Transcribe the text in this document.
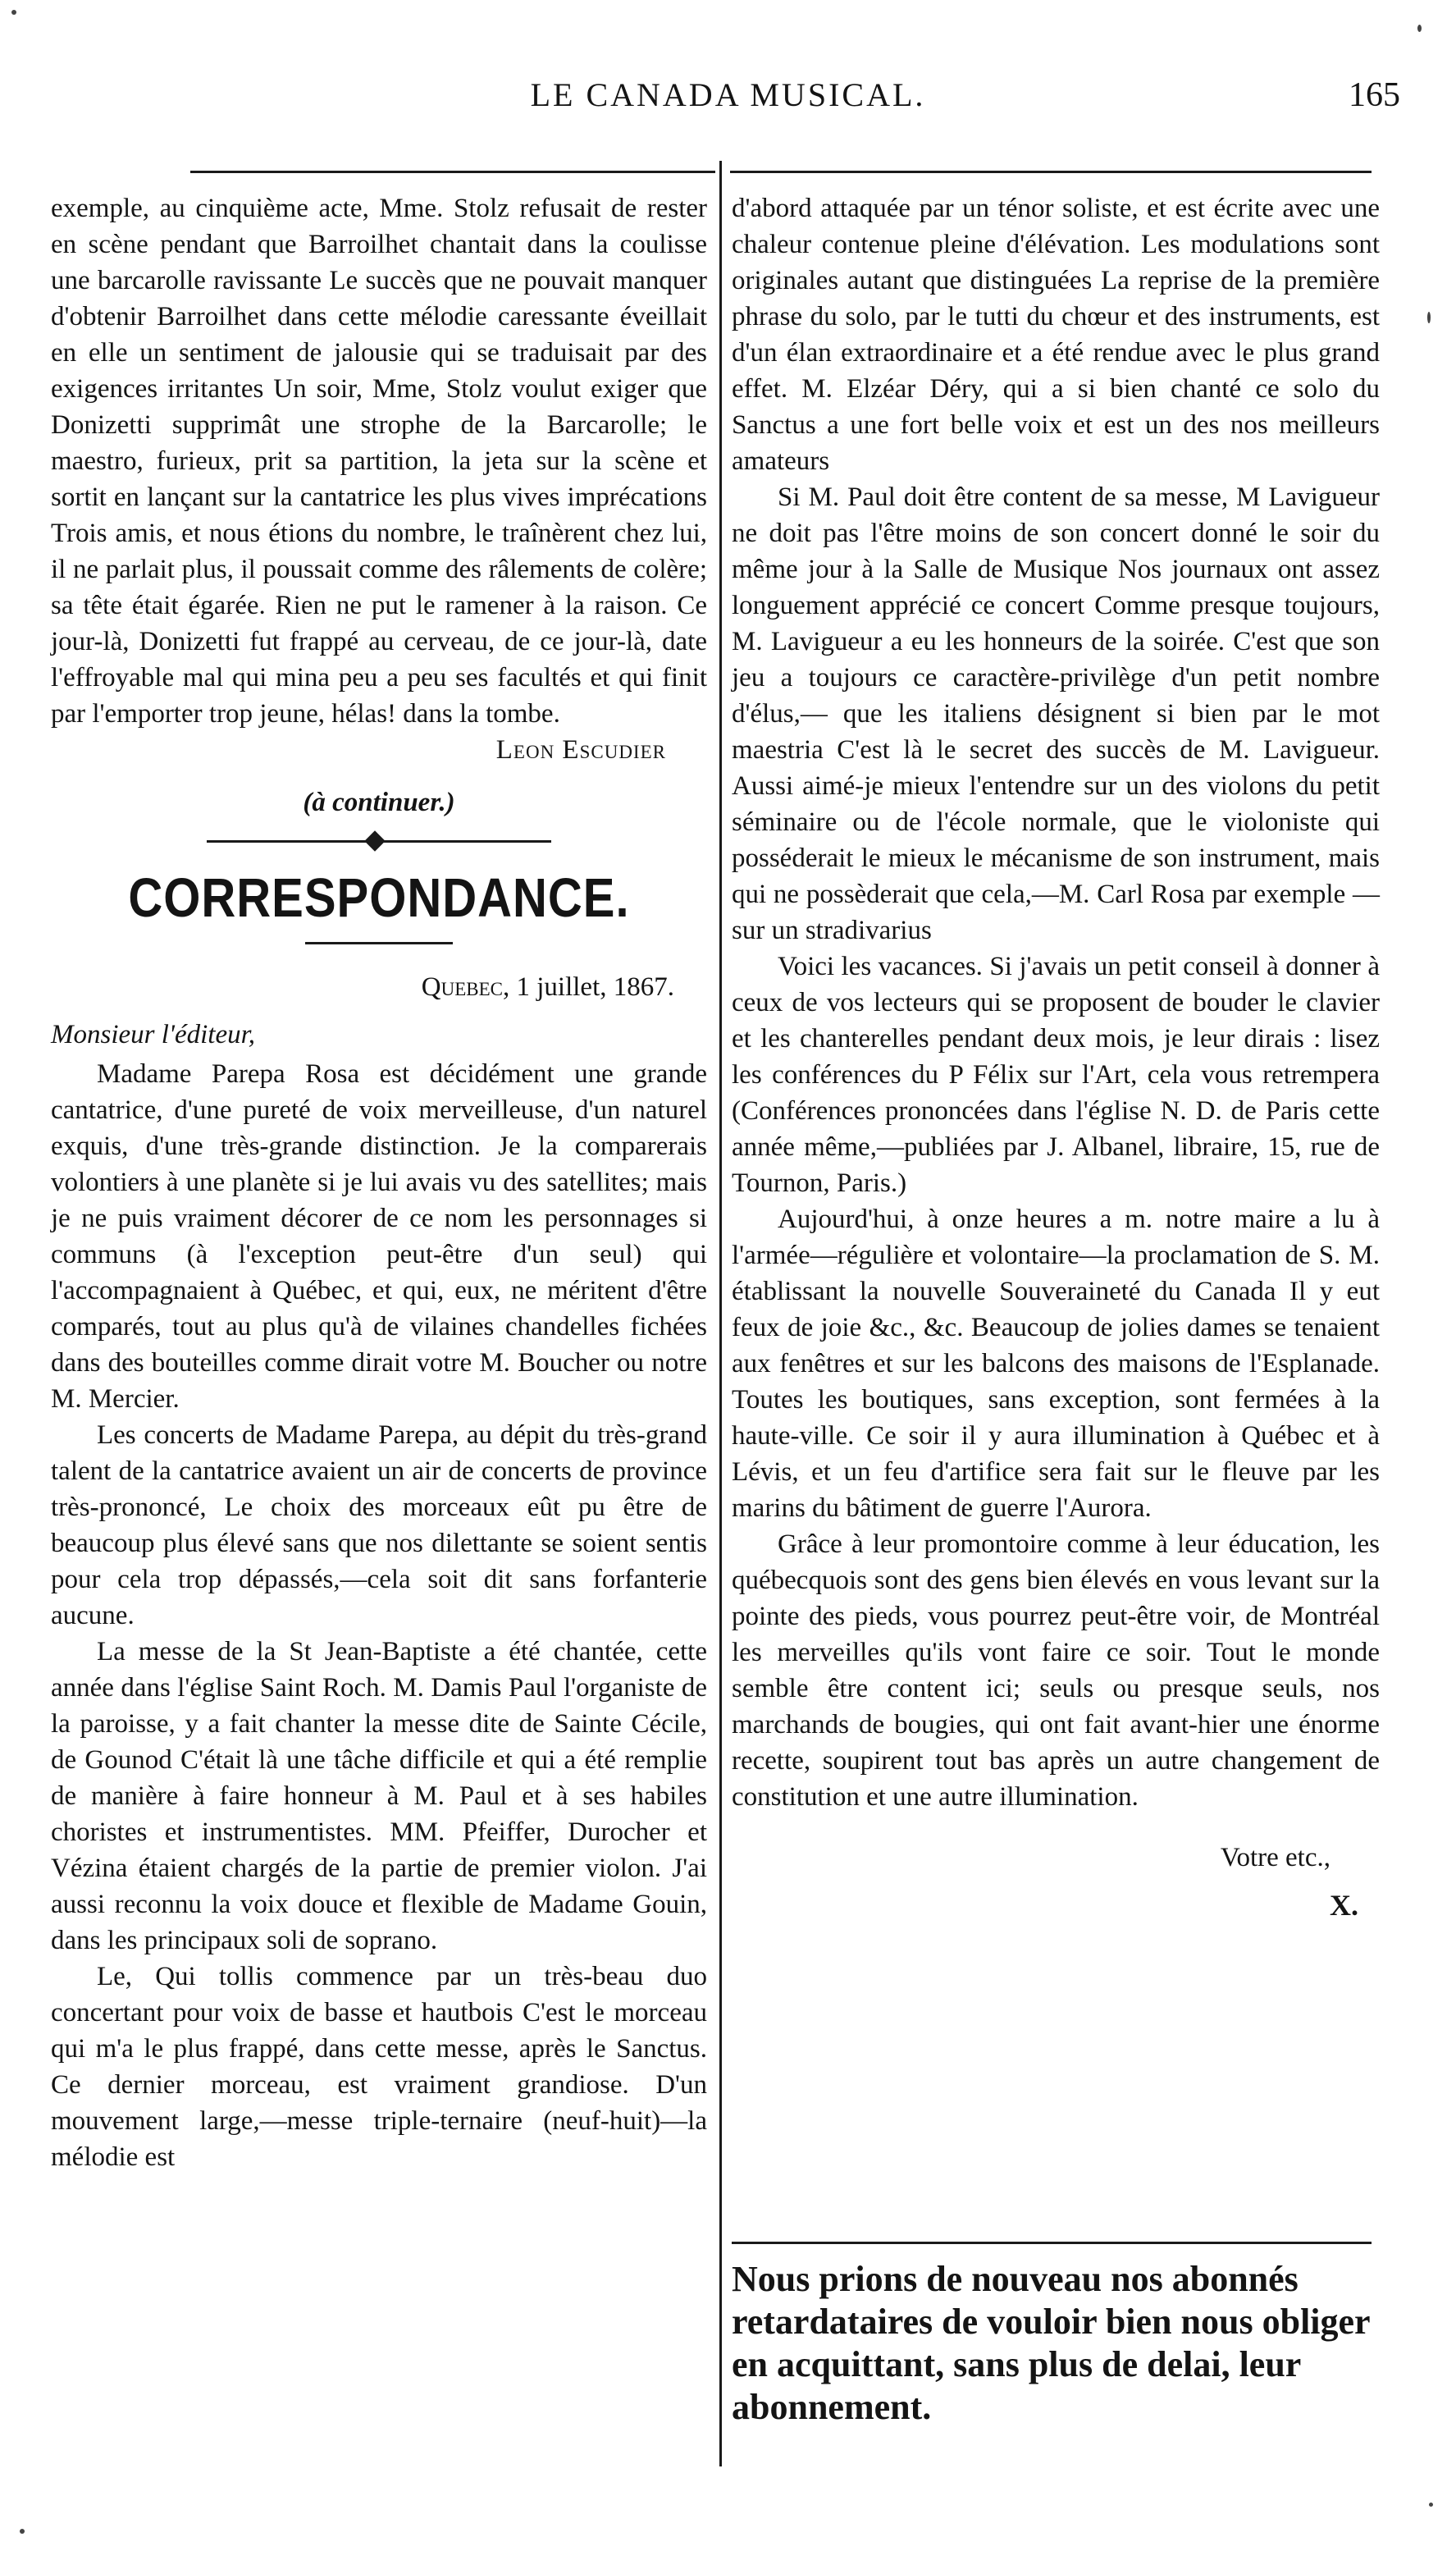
LE CANADA MUSICAL.	165

exemple, au cinquième acte, Mme. Stolz refusait de rester en scène pendant que Barroilhet chantait dans la coulisse une barcarolle ravissante Le succès que ne pouvait manquer d'obtenir Barroilhet dans cette mélodie caressante éveillait en elle un sentiment de jalousie qui se traduisait par des exigences irritantes Un soir, Mme, Stolz voulut exiger que Donizetti supprimât une strophe de la Barcarolle; le maestro, furieux, prit sa partition, la jeta sur la scène et sortit en lançant sur la cantatrice les plus vives imprécations Trois amis, et nous étions du nombre, le traînèrent chez lui, il ne parlait plus, il poussait comme des râlements de colère; sa tête était égarée. Rien ne put le ramener à la raison. Ce jour-là, Donizetti fut frappé au cerveau, de ce jour-là, date l'effroyable mal qui mina peu a peu ses facultés et qui finit par l'emporter trop jeune, hélas! dans la tombe.

Leon Escudier

(à continuer.)

CORRESPONDANCE.

Quebec, 1 juillet, 1867.

Monsieur l'éditeur,

Madame Parepa Rosa est décidément une grande cantatrice, d'une pureté de voix merveilleuse, d'un naturel exquis, d'une très-grande distinction. Je la comparerais volontiers à une planète si je lui avais vu des satellites; mais je ne puis vraiment décorer de ce nom les personnages si communs (à l'exception peut-être d'un seul) qui l'accompagnaient à Québec, et qui, eux, ne méritent d'être comparés, tout au plus qu'à de vilaines chandelles fichées dans des bouteilles comme dirait votre M. Boucher ou notre M. Mercier.

Les concerts de Madame Parepa, au dépit du très-grand talent de la cantatrice avaient un air de concerts de province très-prononcé, Le choix des morceaux eût pu être de beaucoup plus élevé sans que nos dilettante se soient sentis pour cela trop dépassés,—cela soit dit sans forfanterie aucune.

La messe de la St Jean-Baptiste a été chantée, cette année dans l'église Saint Roch. M. Damis Paul l'organiste de la paroisse, y a fait chanter la messe dite de Sainte Cécile, de Gounod C'était là une tâche difficile et qui a été remplie de manière à faire honneur à M. Paul et à ses habiles choristes et instrumentistes. MM. Pfeiffer, Durocher et Vézina étaient chargés de la partie de premier violon. J'ai aussi reconnu la voix douce et flexible de Madame Gouin, dans les principaux soli de soprano.

Le, Qui tollis commence par un très-beau duo concertant pour voix de basse et hautbois C'est le morceau qui m'a le plus frappé, dans cette messe, après le Sanctus. Ce dernier morceau, est vraiment grandiose. D'un mouvement large,—messe triple-ternaire (neuf-huit)—la mélodie est

d'abord attaquée par un ténor soliste, et est écrite avec une chaleur contenue pleine d'élévation. Les modulations sont originales autant que distinguées La reprise de la première phrase du solo, par le tutti du chœur et des instruments, est d'un élan extraordinaire et a été rendue avec le plus grand effet. M. Elzéar Déry, qui a si bien chanté ce solo du Sanctus a une fort belle voix et est un des nos meilleurs amateurs

Si M. Paul doit être content de sa messe, M Lavigueur ne doit pas l'être moins de son concert donné le soir du même jour à la Salle de Musique Nos journaux ont assez longuement apprécié ce concert Comme presque toujours, M. Lavigueur a eu les honneurs de la soirée. C'est que son jeu a toujours ce caractère-privilège d'un petit nombre d'élus,— que les italiens désignent si bien par le mot maestria C'est là le secret des succès de M. Lavigueur. Aussi aimé-je mieux l'entendre sur un des violons du petit séminaire ou de l'école normale, que le violoniste qui posséderait le mieux le mécanisme de son instrument, mais qui ne possèderait que cela,—M. Carl Rosa par exemple —sur un stradivarius

Voici les vacances. Si j'avais un petit conseil à donner à ceux de vos lecteurs qui se proposent de bouder le clavier et les chanterelles pendant deux mois, je leur dirais : lisez les conférences du P Félix sur l'Art, cela vous retrempera (Conférences prononcées dans l'église N. D. de Paris cette année même,—publiées par J. Albanel, libraire, 15, rue de Tournon, Paris.)

Aujourd'hui, à onze heures a m. notre maire a lu à l'armée—régulière et volontaire—la proclamation de S. M. établissant la nouvelle Souveraineté du Canada Il y eut feux de joie &c., &c. Beaucoup de jolies dames se tenaient aux fenêtres et sur les balcons des maisons de l'Esplanade. Toutes les boutiques, sans exception, sont fermées à la haute-ville. Ce soir il y aura illumination à Québec et à Lévis, et un feu d'artifice sera fait sur le fleuve par les marins du bâtiment de guerre l'Aurora.

Grâce à leur promontoire comme à leur éducation, les québecquois sont des gens bien élevés en vous levant sur la pointe des pieds, vous pourrez peut-être voir, de Montréal les merveilles qu'ils vont faire ce soir. Tout le monde semble être content ici; seuls ou presque seuls, nos marchands de bougies, qui ont fait avant-hier une énorme recette, soupirent tout bas après un autre changement de constitution et une autre illumination.

Votre etc.,

X.

Nous prions de nouveau nos abonnés retardataires de vouloir bien nous obliger en acquittant, sans plus de delai, leur abonnement.
